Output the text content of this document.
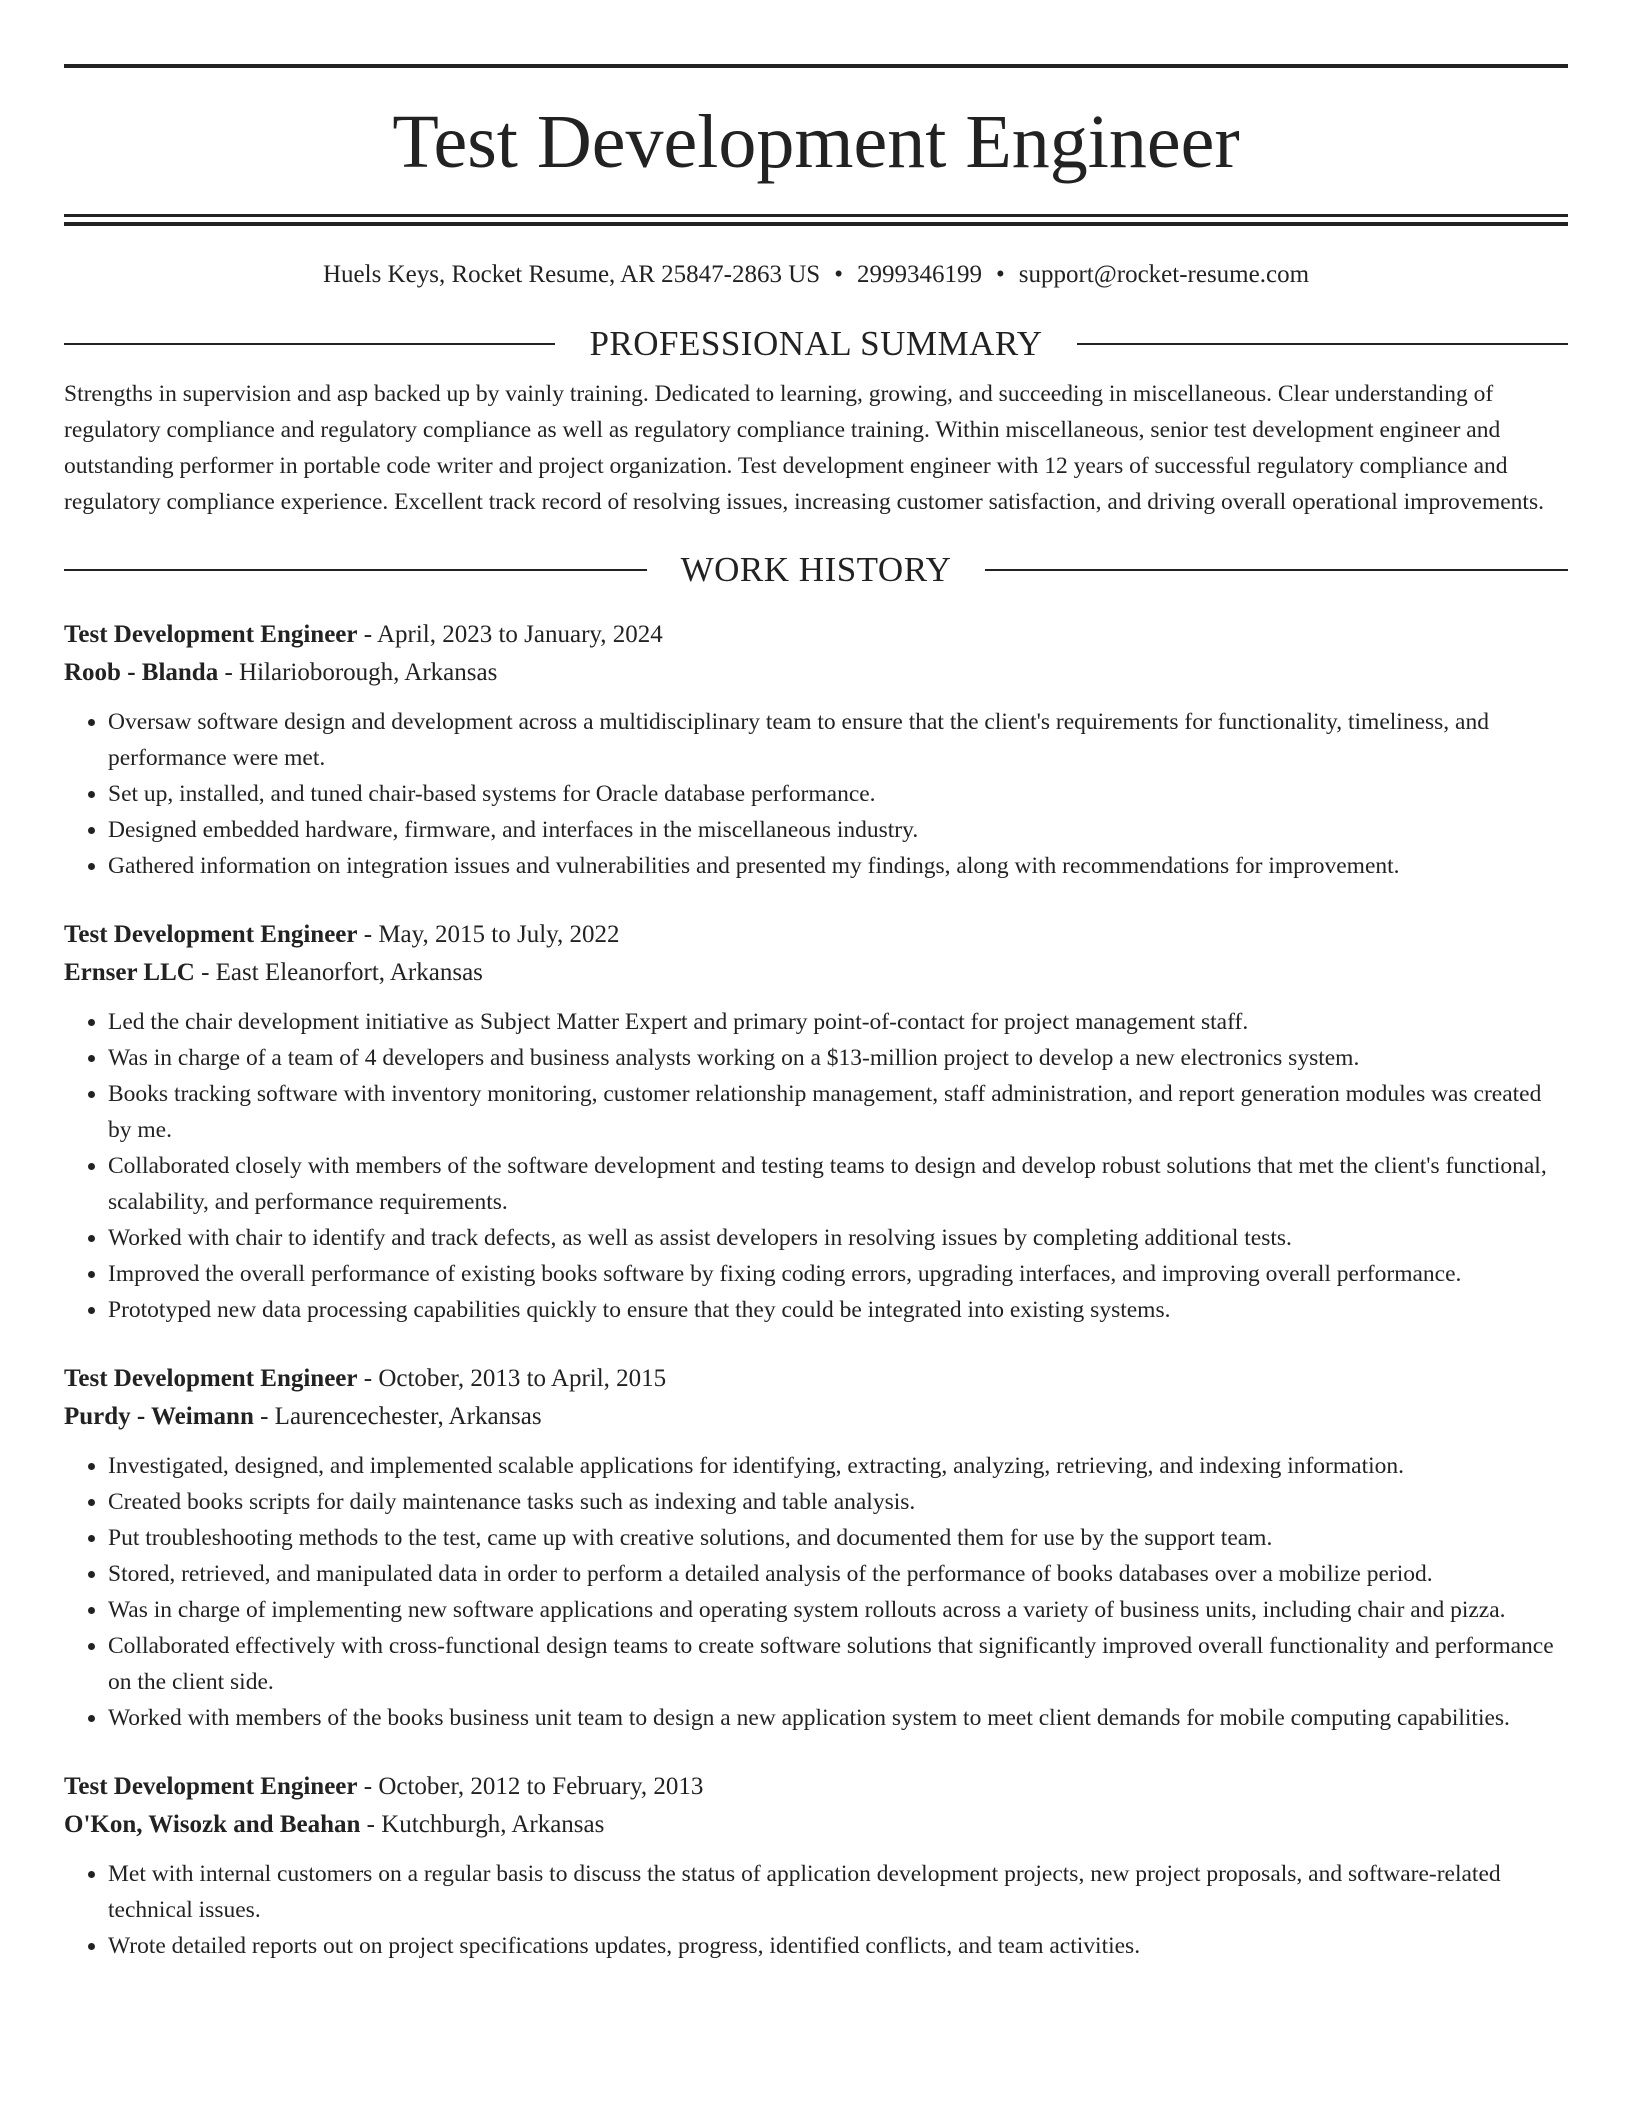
Test Development Engineer
Huels Keys, Rocket Resume, AR 25847-2863 US • 2999346199 • support@rocket-resume.com
PROFESSIONAL SUMMARY
Strengths in supervision and asp backed up by vainly training. Dedicated to learning, growing, and succeeding in miscellaneous. Clear understanding of regulatory compliance and regulatory compliance as well as regulatory compliance training. Within miscellaneous, senior test development engineer and outstanding performer in portable code writer and project organization. Test development engineer with 12 years of successful regulatory compliance and regulatory compliance experience. Excellent track record of resolving issues, increasing customer satisfaction, and driving overall operational improvements.
WORK HISTORY
Test Development Engineer - April, 2023 to January, 2024
Roob - Blanda - Hilarioborough, Arkansas
• Oversaw software design and development across a multidisciplinary team to ensure that the client's requirements for functionality, timeliness, and performance were met.
• Set up, installed, and tuned chair-based systems for Oracle database performance.
• Designed embedded hardware, firmware, and interfaces in the miscellaneous industry.
• Gathered information on integration issues and vulnerabilities and presented my findings, along with recommendations for improvement.
Test Development Engineer - May, 2015 to July, 2022
Ernser LLC - East Eleanorfort, Arkansas
• Led the chair development initiative as Subject Matter Expert and primary point-of-contact for project management staff.
• Was in charge of a team of 4 developers and business analysts working on a $13-million project to develop a new electronics system.
• Books tracking software with inventory monitoring, customer relationship management, staff administration, and report generation modules was created by me.
• Collaborated closely with members of the software development and testing teams to design and develop robust solutions that met the client's functional, scalability, and performance requirements.
• Worked with chair to identify and track defects, as well as assist developers in resolving issues by completing additional tests.
• Improved the overall performance of existing books software by fixing coding errors, upgrading interfaces, and improving overall performance.
• Prototyped new data processing capabilities quickly to ensure that they could be integrated into existing systems.
Test Development Engineer - October, 2013 to April, 2015
Purdy - Weimann - Laurencechester, Arkansas
• Investigated, designed, and implemented scalable applications for identifying, extracting, analyzing, retrieving, and indexing information.
• Created books scripts for daily maintenance tasks such as indexing and table analysis.
• Put troubleshooting methods to the test, came up with creative solutions, and documented them for use by the support team.
• Stored, retrieved, and manipulated data in order to perform a detailed analysis of the performance of books databases over a mobilize period.
• Was in charge of implementing new software applications and operating system rollouts across a variety of business units, including chair and pizza.
• Collaborated effectively with cross-functional design teams to create software solutions that significantly improved overall functionality and performance on the client side.
• Worked with members of the books business unit team to design a new application system to meet client demands for mobile computing capabilities.
Test Development Engineer - October, 2012 to February, 2013
O'Kon, Wisozk and Beahan - Kutchburgh, Arkansas
• Met with internal customers on a regular basis to discuss the status of application development projects, new project proposals, and software-related technical issues.
• Wrote detailed reports out on project specifications updates, progress, identified conflicts, and team activities.
